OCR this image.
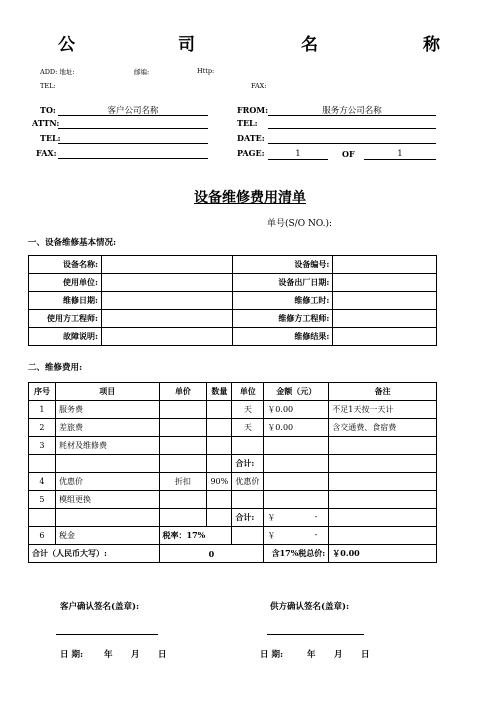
公	司	名	称
ADD: 地址:	邮编:	Http:
TEL:	FAX:
TO:	客户公司名称
ATTN:
TEL:
FAX:
FROM:	服务方公司名称
TEL:
DATE:
PAGE:	1	OF	1
设备维修费用清单
单号(S/O NO.):
一、设备维修基本情况:
设备名称:		设备编号:	
使用单位:		设备出厂日期:	
维修日期:		维修工时:	
使用方工程师:		维修方工程师:	
故障说明:		维修结果:	
二、维修费用:
序号	项目	单价	数量	单位	金额（元）	备注
1	服务费			天	￥0.00	不足1天按一天计
2	差旅费			天	￥0.00	含交通费、食宿费
3	耗材及维修费					
				合计:		
4	优惠价	折扣	90%	优惠价		
5	模组更换					
				合计:	￥ -	

6	税金	税率：17%			￥ -	

合计（人民币大写）:		0			含17%税总价:	￥0.00
客户确认签名(盖章):	供方确认签名(盖章):
日 期: 年 月 日	日 期:	年 月 日
